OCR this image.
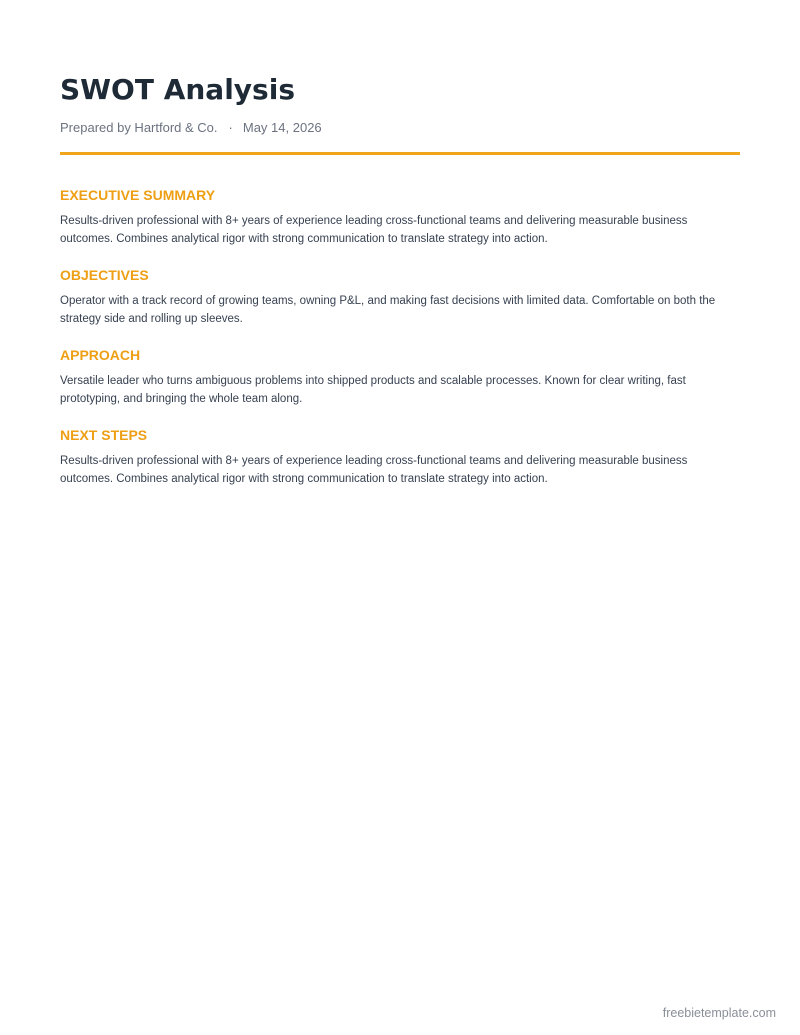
SWOT Analysis
Prepared by Hartford & Co. · May 14, 2026
EXECUTIVE SUMMARY

Results-driven professional with 8+ years of experience leading cross-functional teams and delivering measurable business outcomes. Combines analytical rigor with strong communication to translate strategy into action.

OBJECTIVES

Operator with a track record of growing teams, owning P&L, and making fast decisions with limited data. Comfortable on both the strategy side and rolling up sleeves.

APPROACH

Versatile leader who turns ambiguous problems into shipped products and scalable processes. Known for clear writing, fast prototyping, and bringing the whole team along.

NEXT STEPS

Results-driven professional with 8+ years of experience leading cross-functional teams and delivering measurable business outcomes. Combines analytical rigor with strong communication to translate strategy into action.

freebietemplate.com
